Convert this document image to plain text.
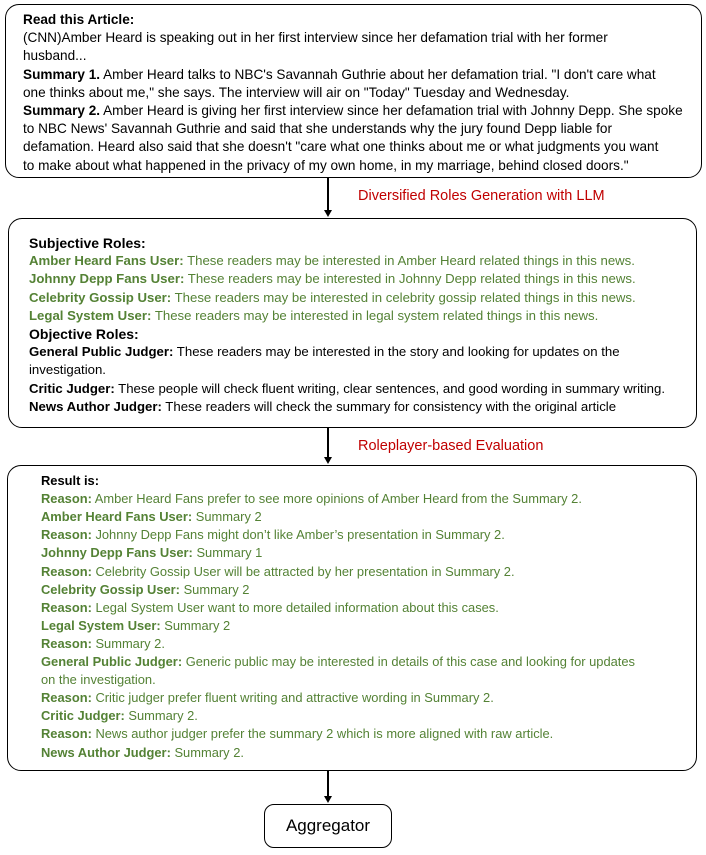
Read this Article:
(CNN)Amber Heard is speaking out in her first interview since her defamation trial with her former
husband...
Summary 1. Amber Heard talks to NBC's Savannah Guthrie about her defamation trial. "I don't care what
one thinks about me," she says. The interview will air on "Today" Tuesday and Wednesday.
Summary 2. Amber Heard is giving her first interview since her defamation trial with Johnny Depp. She spoke
to NBC News' Savannah Guthrie and said that she understands why the jury found Depp liable for
defamation. Heard also said that she doesn't "care what one thinks about me or what judgments you want
to make about what happened in the privacy of my own home, in my marriage, behind closed doors."
Diversified Roles Generation with LLM
Subjective Roles:
Amber Heard Fans User: These readers may be interested in Amber Heard related things in this news.
Johnny Depp Fans User: These readers may be interested in Johnny Depp related things in this news.
Celebrity Gossip User: These readers may be interested in celebrity gossip related things in this news.
Legal System User: These readers may be interested in legal system related things in this news.
Objective Roles:
General Public Judger: These readers may be interested in the story and looking for updates on the
investigation.
Critic Judger: These people will check fluent writing, clear sentences, and good wording in summary writing.
News Author Judger: These readers will check the summary for consistency with the original article
Roleplayer-based Evaluation
Result is:
Reason: Amber Heard Fans prefer to see more opinions of Amber Heard from the Summary 2.
Amber Heard Fans User: Summary 2
Reason: Johnny Depp Fans might don’t like Amber’s presentation in Summary 2.
Johnny Depp Fans User: Summary 1
Reason: Celebrity Gossip User will be attracted by her presentation in Summary 2.
Celebrity Gossip User: Summary 2
Reason: Legal System User want to more detailed information about this cases.
Legal System User: Summary 2
Reason: Summary 2.
General Public Judger: Generic public may be interested in details of this case and looking for updates
on the investigation.
Reason: Critic judger prefer fluent writing and attractive wording in Summary 2.
Critic Judger: Summary 2.
Reason: News author judger prefer the summary 2 which is more aligned with raw article.
News Author Judger: Summary 2.
Aggregator
